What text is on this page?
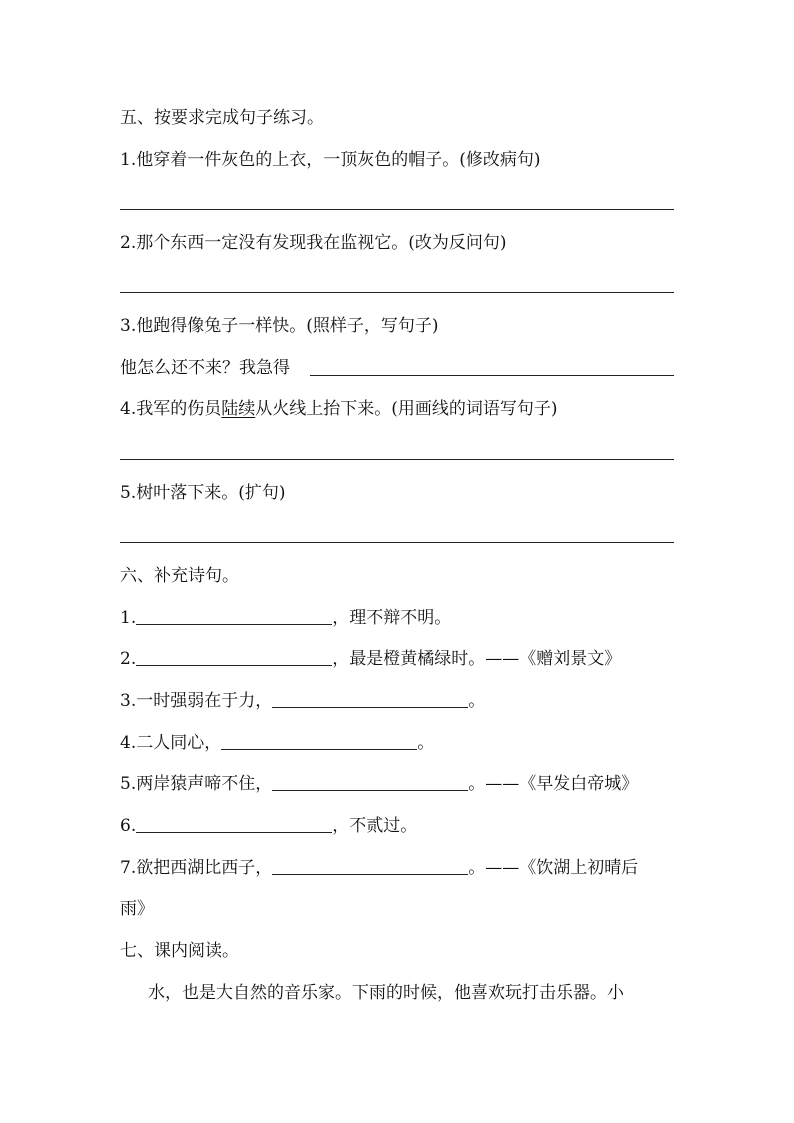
五、按要求完成句子练习。
1.他穿着一件灰色的上衣，一顶灰色的帽子。(修改病句)
2.那个东西一定没有发现我在监视它。(改为反问句)
3.他跑得像兔子一样快。(照样子，写句子)
他怎么还不来？我急得
4.我军的伤员陆续从火线上抬下来。(用画线的词语写句子)
5.树叶落下来。(扩句)
六、补充诗句。
1.	，理不辩不明。
2.	，最是橙黄橘绿时。——《赠刘景文》
3.一时强弱在于力，	。
4.二人同心，	。
5.两岸猿声啼不住，	。——《早发白帝城》
6.	，不贰过。
7.欲把西湖比西子，	。——《饮湖上初晴后
雨》
七、课内阅读。
水，也是大自然的音乐家。下雨的时候，他喜欢玩打击乐器。小
